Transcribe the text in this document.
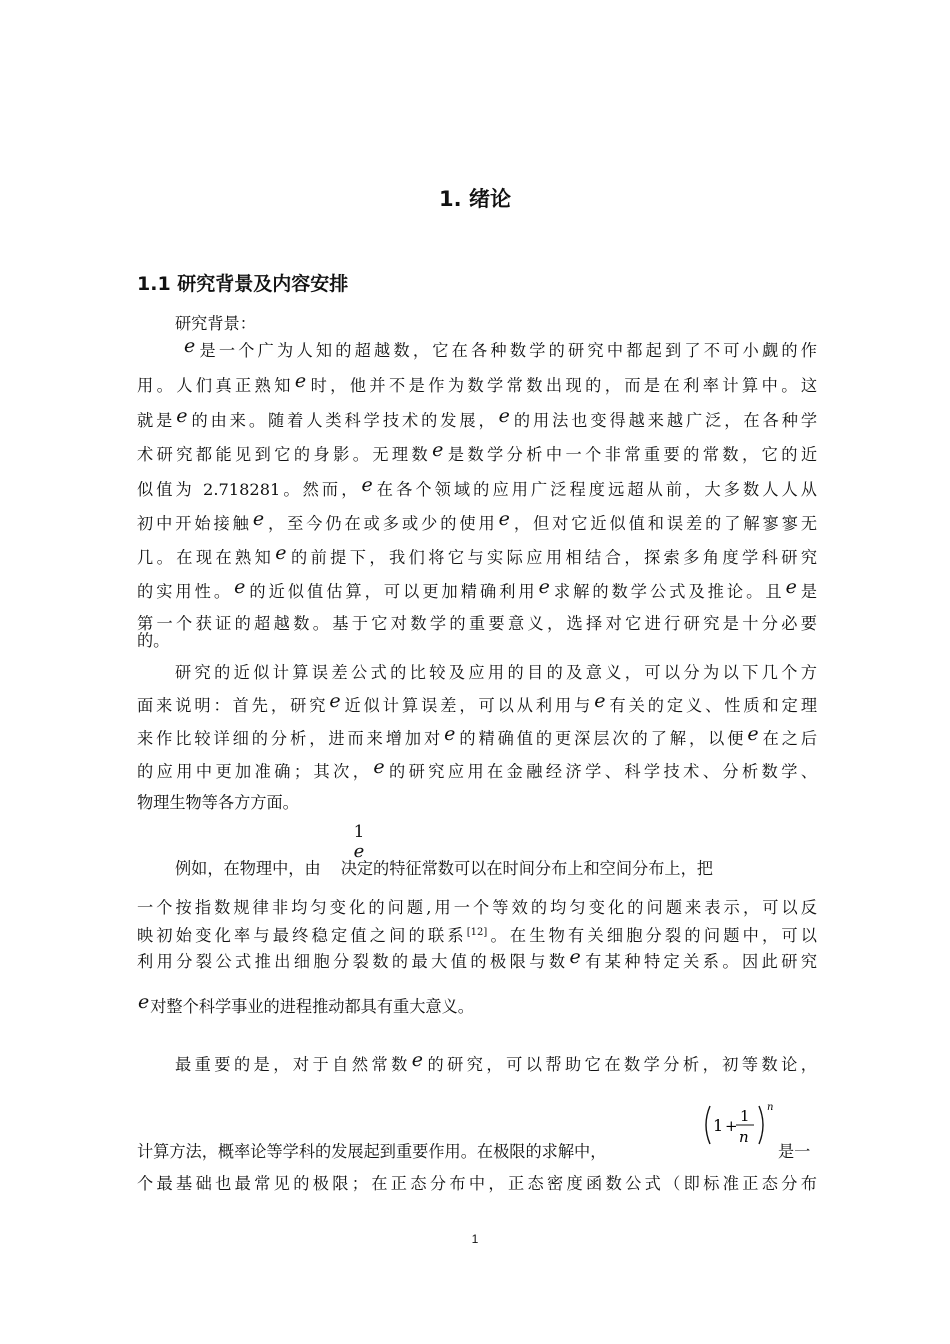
1. 绪论
1.1 研究背景及内容安排
研究背景：
e是一个广为人知的超越数，它在各种数学的研究中都起到了不可小觑的作
用。人们真正熟知e时，他并不是作为数学常数出现的，而是在利率计算中。这
就是e的由来。随着人类科学技术的发展，e的用法也变得越来越广泛，在各种学
术研究都能见到它的身影。无理数e是数学分析中一个非常重要的常数，它的近
似值为 2.718281。然而，e在各个领域的应用广泛程度远超从前，大多数人人从
初中开始接触e，至今仍在或多或少的使用e，但对它近似值和误差的了解寥寥无
几。在现在熟知e的前提下，我们将它与实际应用相结合，探索多角度学科研究
的实用性。e的近似值估算，可以更加精确利用e求解的数学公式及推论。且e是
第一个获证的超越数。基于它对数学的重要意义，选择对它进行研究是十分必要
的。
研究的近似计算误差公式的比较及应用的目的及意义，可以分为以下几个方
面来说明：首先，研究e近似计算误差，可以从利用与e有关的定义、性质和定理
来作比较详细的分析，进而来增加对e的精确值的更深层次的了解，以便e在之后
的应用中更加准确；其次，e的研究应用在金融经济学、科学技术、分析数学、
物理生物等各方方面。
1
e
例如，在物理中，由 决定的特征常数可以在时间分布上和空间分布上，把
一个按指数规律非均匀变化的问题,用一个等效的均匀变化的问题来表示，可以反
映初始变化率与最终稳定值之间的联系[12]。在生物有关细胞分裂的问题中，可以
利用分裂公式推出细胞分裂数的最大值的极限与数e有某种特定关系。因此研究
e对整个科学事业的进程推动都具有重大意义。
最重要的是，对于自然常数e的研究，可以帮助它在数学分析，初等数论，
1 +
1
n
n
计算方法，概率论等学科的发展起到重要作用。在极限的求解中，	是一
个最基础也最常见的极限；在正态分布中，正态密度函数公式（即标准正态分布
1
